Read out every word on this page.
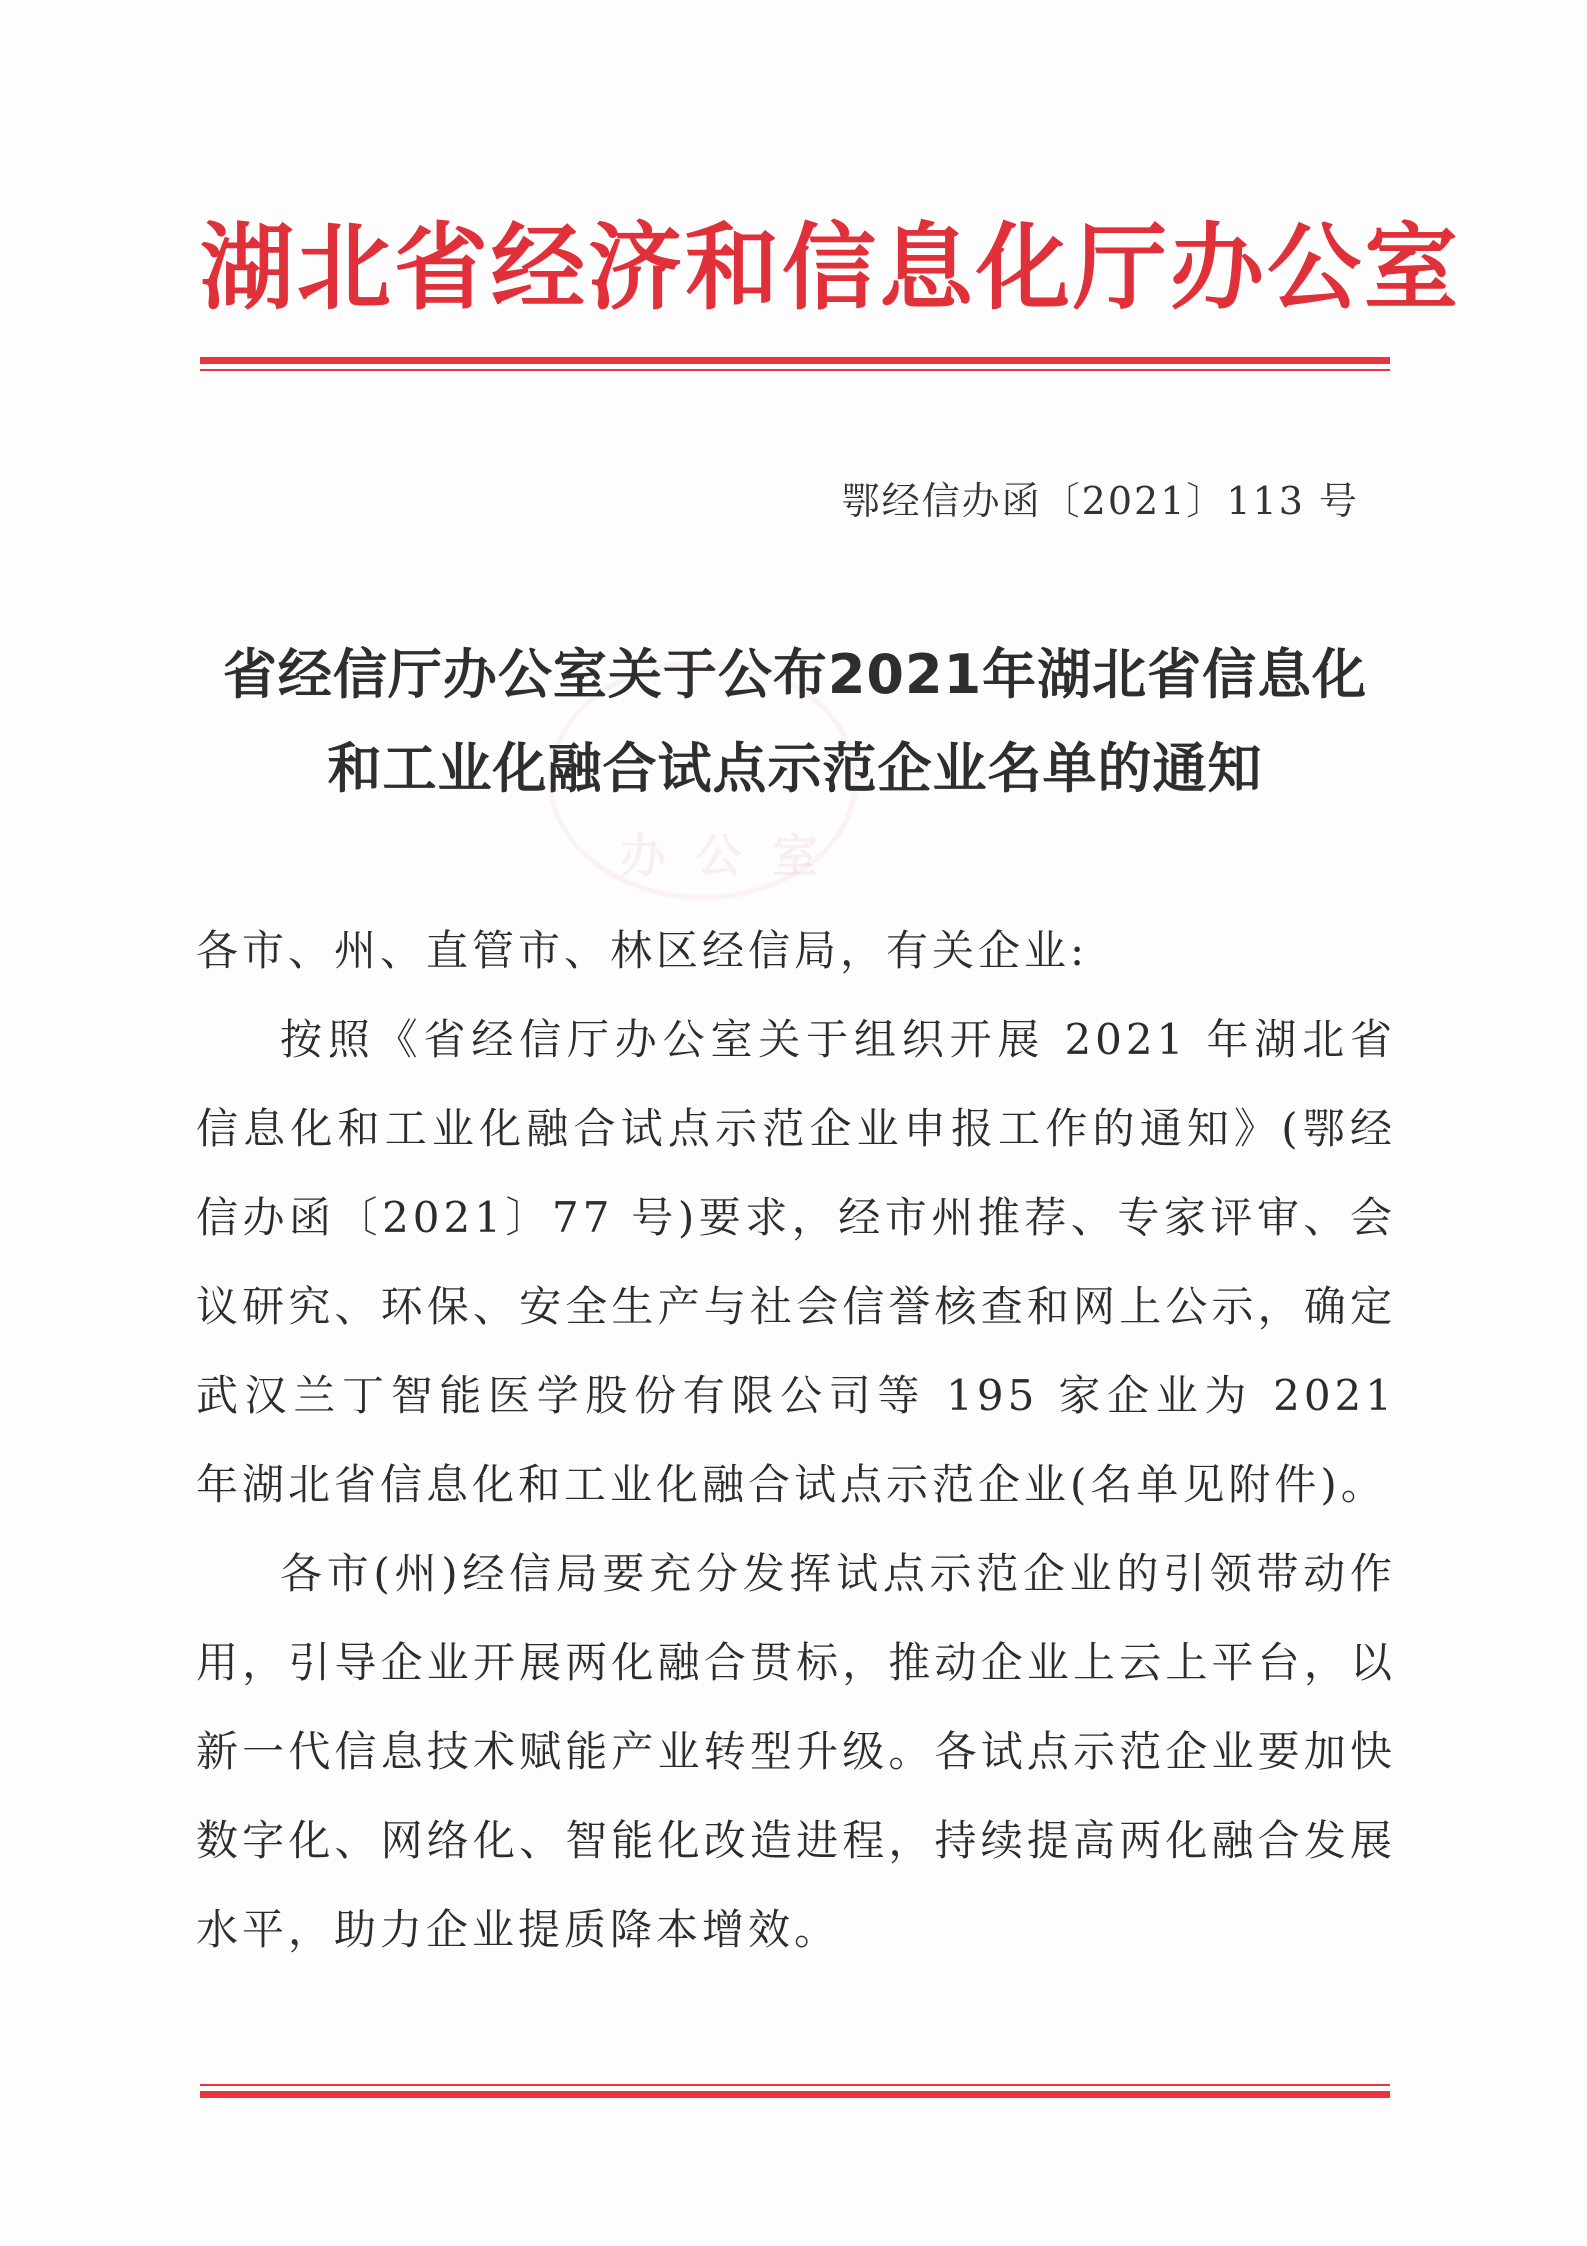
湖北省经济和信息化厅办公室
鄂经信办函〔2021〕113 号
办公室
省经信厅办公室关于公布2021年湖北省信息化
和工业化融合试点示范企业名单的通知

各市、州、直管市、林区经信局，有关企业:

按照《省经信厅办公室关于组织开展 2021 年湖北省信息化和工业化融合试点示范企业申报工作的通知》(鄂经信办函〔2021〕77 号)要求，经市州推荐、专家评审、会议研究、环保、安全生产与社会信誉核查和网上公示，确定武汉兰丁智能医学股份有限公司等 195 家企业为 2021 年湖北省信息化和工业化融合试点示范企业(名单见附件)。

各市(州)经信局要充分发挥试点示范企业的引领带动作用，引导企业开展两化融合贯标，推动企业上云上平台，以新一代信息技术赋能产业转型升级。各试点示范企业要加快数字化、网络化、智能化改造进程，持续提高两化融合发展水平，助力企业提质降本增效。
